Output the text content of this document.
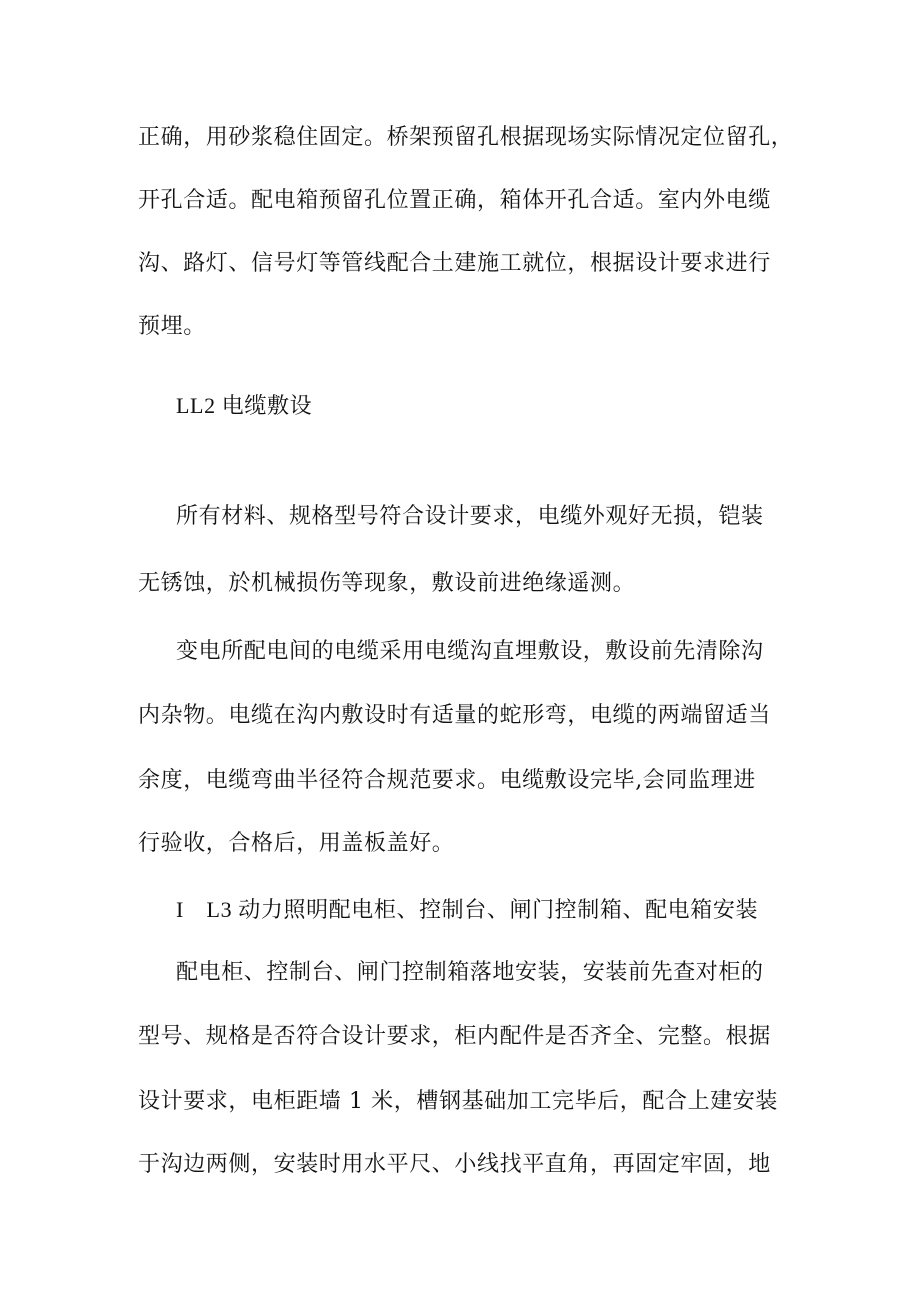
正确，用砂浆稳住固定。桥架预留孔根据现场实际情况定位留孔，
开孔合适。配电箱预留孔位置正确，箱体开孔合适。室内外电缆
沟、路灯、信号灯等管线配合土建施工就位，根据设计要求进行
预埋。
LL2 电缆敷设
所有材料、规格型号符合设计要求，电缆外观好无损，铠装
无锈蚀，於机械损伤等现象，敷设前进绝缘遥测。
变电所配电间的电缆采用电缆沟直埋敷设，敷设前先清除沟
内杂物。电缆在沟内敷设时有适量的蛇形弯，电缆的两端留适当
余度，电缆弯曲半径符合规范要求。电缆敷设完毕,会同监理进
行验收，合格后，用盖板盖好。
I　L3 动力照明配电柜、控制台、闸门控制箱、配电箱安装
配电柜、控制台、闸门控制箱落地安装，安装前先查对柜的
型号、规格是否符合设计要求，柜内配件是否齐全、完整。根据
设计要求，电柜距墙 1 米，槽钢基础加工完毕后，配合上建安装
于沟边两侧，安装时用水平尺、小线找平直角，再固定牢固，地
